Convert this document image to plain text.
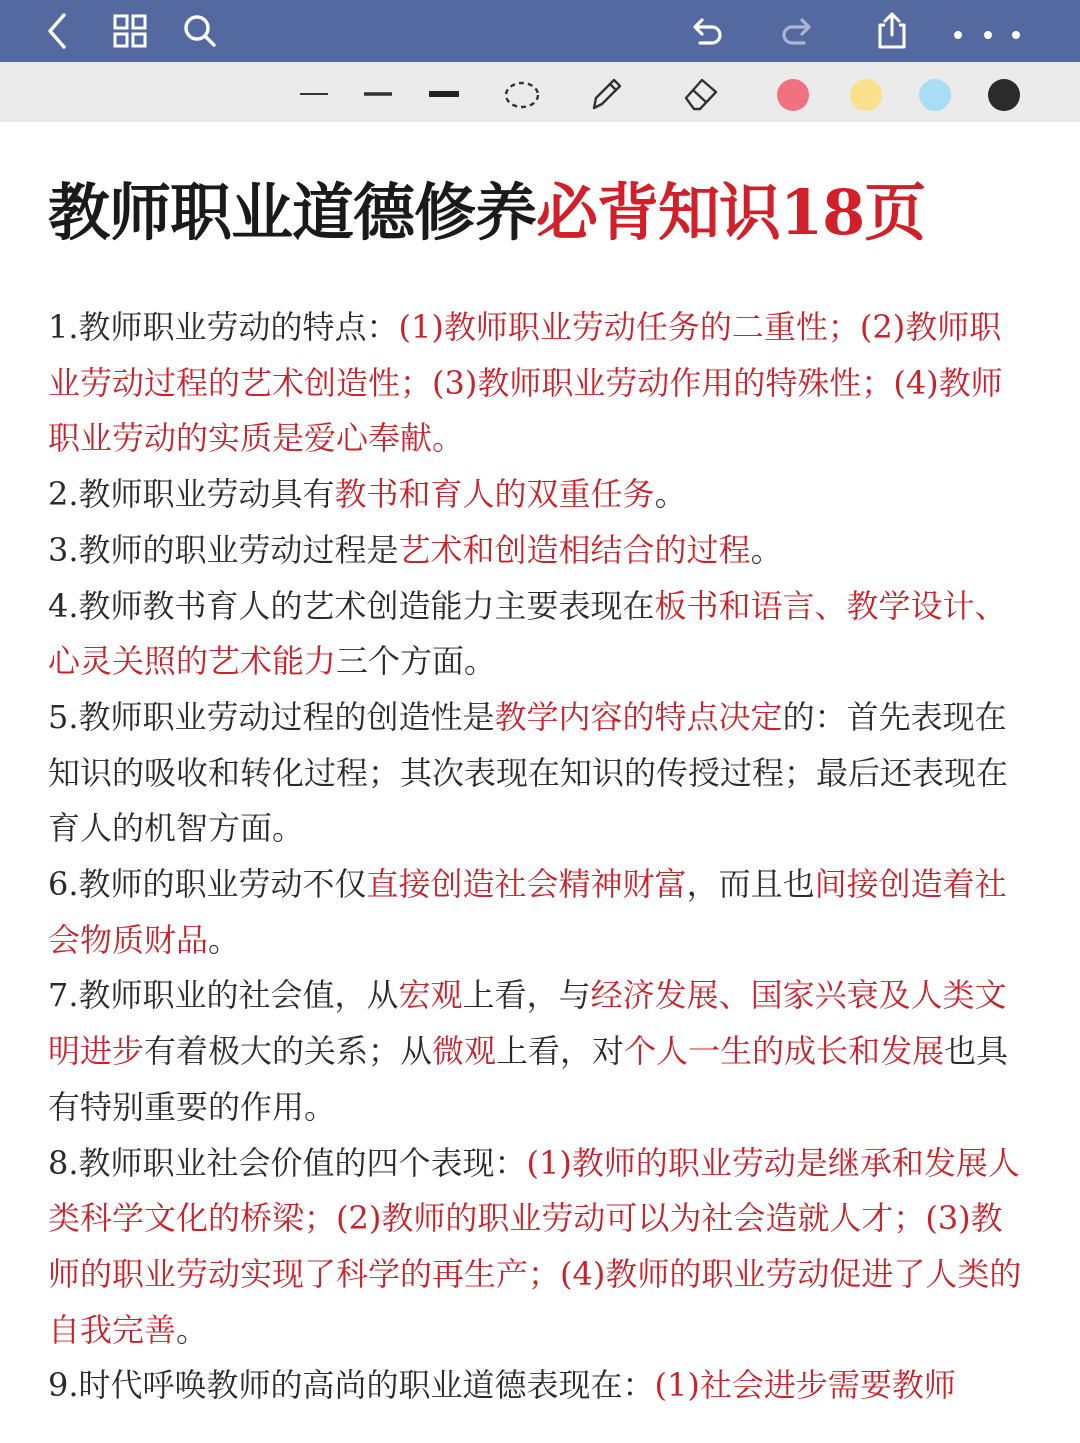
教师职业道德修养必背知识18页

1.教师职业劳动的特点：(1)教师职业劳动任务的二重性；(2)教师职业劳动过程的艺术创造性；(3)教师职业劳动作用的特殊性；(4)教师职业劳动的实质是爱心奉献。

2.教师职业劳动具有教书和育人的双重任务。

3.教师的职业劳动过程是艺术和创造相结合的过程。

4.教师教书育人的艺术创造能力主要表现在板书和语言、教学设计、心灵关照的艺术能力三个方面。

5.教师职业劳动过程的创造性是教学内容的特点决定的：首先表现在知识的吸收和转化过程；其次表现在知识的传授过程；最后还表现在育人的机智方面。

6.教师的职业劳动不仅直接创造社会精神财富，而且也间接创造着社会物质财品。

7.教师职业的社会值，从宏观上看，与经济发展、国家兴衰及人类文明进步有着极大的关系；从微观上看，对个人一生的成长和发展也具有特别重要的作用。

8.教师职业社会价值的四个表现：(1)教师的职业劳动是继承和发展人类科学文化的桥梁；(2)教师的职业劳动可以为社会造就人才；(3)教师的职业劳动实现了科学的再生产；(4)教师的职业劳动促进了人类的自我完善。

9.时代呼唤教师的高尚的职业道德表现在：(1)社会进步需要教师
